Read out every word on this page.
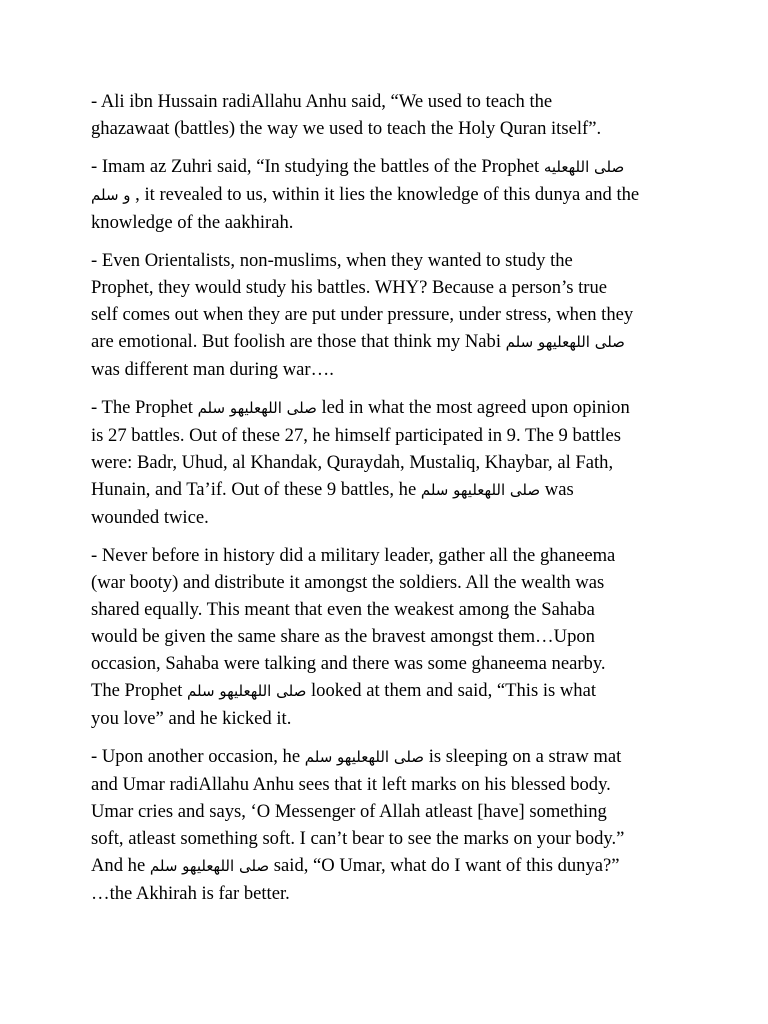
- Ali ibn Hussain radiAllahu Anhu said, “We used to teach the
ghazawaat (battles) the way we used to teach the Holy Quran itself”.
- Imam az Zuhri said, “In studying the battles of the Prophet صلى اللهعليه
و سلم , it revealed to us, within it lies the knowledge of this dunya and the
knowledge of the aakhirah.
- Even Orientalists, non-muslims, when they wanted to study the
Prophet, they would study his battles. WHY? Because a person’s true
self comes out when they are put under pressure, under stress, when they
are emotional. But foolish are those that think my Nabi صلى اللهعليهو سلم
was different man during war….
- The Prophet صلى اللهعليهو سلم led in what the most agreed upon opinion
is 27 battles. Out of these 27, he himself participated in 9. The 9 battles
were: Badr, Uhud, al Khandak, Quraydah, Mustaliq, Khaybar, al Fath,
Hunain, and Ta’if. Out of these 9 battles, he صلى اللهعليهو سلم was
wounded twice.
- Never before in history did a military leader, gather all the ghaneema
(war booty) and distribute it amongst the soldiers. All the wealth was
shared equally. This meant that even the weakest among the Sahaba
would be given the same share as the bravest amongst them…Upon
occasion, Sahaba were talking and there was some ghaneema nearby.
The Prophet صلى اللهعليهو سلم looked at them and said, “This is what
you love” and he kicked it.
- Upon another occasion, he صلى اللهعليهو سلم is sleeping on a straw mat
and Umar radiAllahu Anhu sees that it left marks on his blessed body.
Umar cries and says, ‘O Messenger of Allah atleast [have] something
soft, atleast something soft. I can’t bear to see the marks on your body.”
And he صلى اللهعليهو سلم said, “O Umar, what do I want of this dunya?”
…the Akhirah is far better.
